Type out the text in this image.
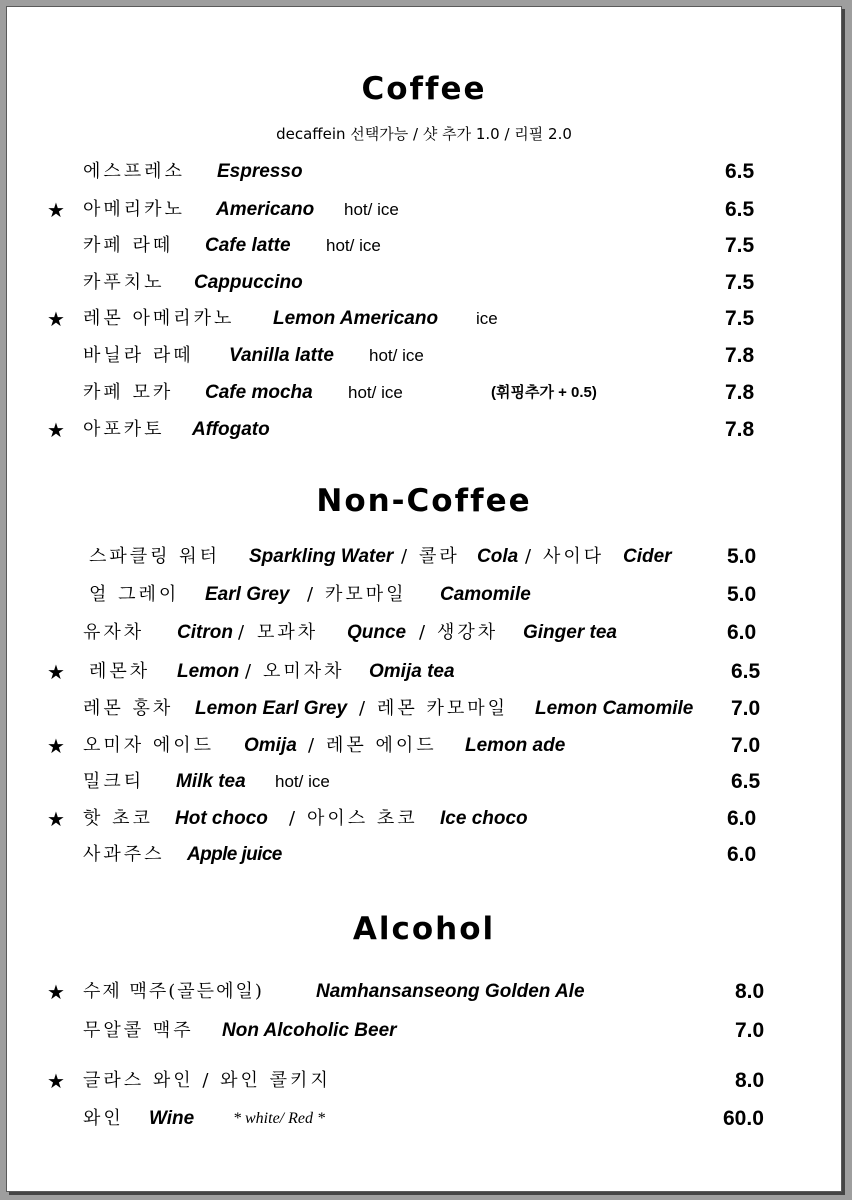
Coffee
decaffein 선택가능 / 샷 추가 1.0 / 리필 2.0
에스프레소 Espresso	6.5
★ 아메리카노 Americano hot/ ice	6.5
카페 라떼 Cafe latte hot/ ice	7.5
카푸치노 Cappuccino	7.5
★ 레몬 아메리카노 Lemon Americano ice	7.5
바닐라 라떼 Vanilla latte hot/ ice	7.8
카페 모카 Cafe mocha hot/ ice	(휘핑추가 + 0.5)	7.8
★ 아포카토 Affogato	7.8
Non-Coffee
스파클링 워터 Sparkling Water / 콜라 Cola / 사이다 Cider	5.0
얼 그레이 Earl Grey / 카모마일 Camomile	5.0
유자차 Citron / 모과차 Qunce / 생강차 Ginger tea	6.0
★ 레몬차 Lemon / 오미자차 Omija tea	6.5
레몬 홍차 Lemon Earl Grey / 레몬 카모마일 Lemon Camomile 7.0
★ 오미자 에이드 Omija / 레몬 에이드 Lemon ade	7.0
밀크티 Milk tea hot/ ice	6.5
★ 핫 초코 Hot choco / 아이스 초코 Ice choco	6.0
사과주스 Apple juice	6.0
Alcohol
★ 수제 맥주(골든에일)	Namhansanseong Golden Ale	8.0
무알콜 맥주 Non Alcoholic Beer	7.0
★ 글라스 와인 / 와인 콜키지	8.0
와인 Wine * white/ Red *	60.0
